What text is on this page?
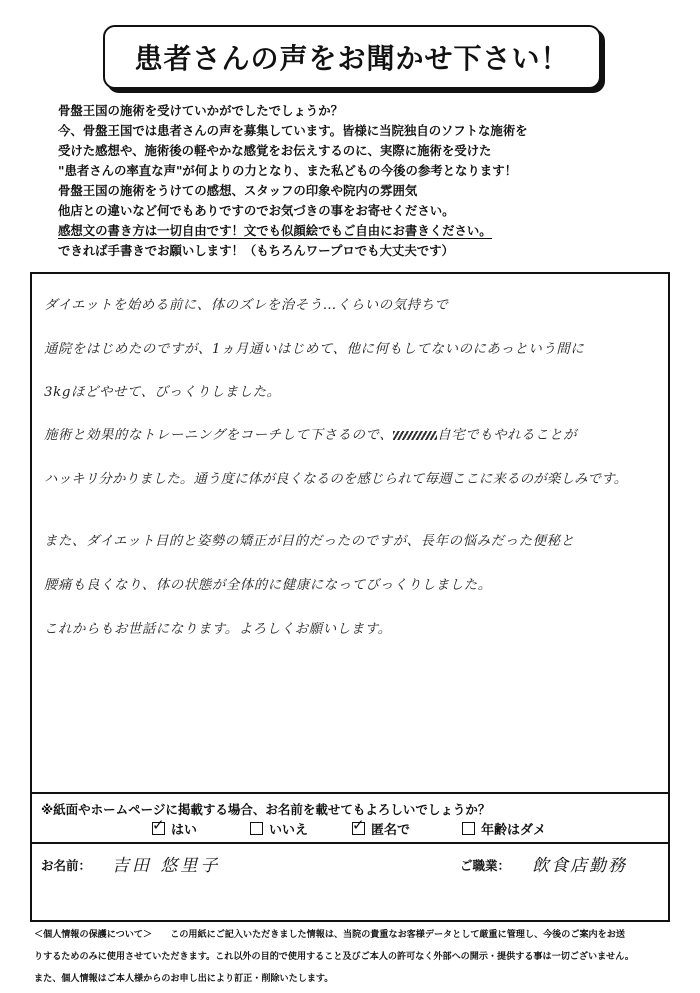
患者さんの声をお聞かせ下さい！
骨盤王国の施術を受けていかがでしたでしょうか？
今、骨盤王国では患者さんの声を募集しています。皆様に当院独自のソフトな施術を
受けた感想や、施術後の軽やかな感覚をお伝えするのに、実際に施術を受けた
"患者さんの率直な声"が何よりの力となり、また私どもの今後の参考となります！
骨盤王国の施術をうけての感想、スタッフの印象や院内の雰囲気
他店との違いなど何でもありですのでお気づきの事をお寄せください。
感想文の書き方は一切自由です！文でも似顔絵でもご自由にお書きください。
できれば手書きでお願いします！（もちろんワープロでも大丈夫です）
ダイエットを始める前に、体のズレを治そう…くらいの気持ちで
通院をはじめたのですが、1ヵ月通いはじめて、他に何もしてないのにあっという間に
3kgほどやせて、びっくりしました。
施術と効果的なトレーニングをコーチして下さるので、	自宅でもやれることが
ハッキリ分かりました。通う度に体が良くなるのを感じられて毎週ここに来るのが楽しみです。
また、ダイエット目的と姿勢の矯正が目的だったのですが、長年の悩みだった便秘と
腰痛も良くなり、体の状態が全体的に健康になってびっくりしました。
これからもお世話になります。よろしくお願いします。
※紙面やホームページに掲載する場合、お名前を載せてもよろしいでしょうか？
✓
はい	いいえ
✓	匿名で	年齢はダメ
お名前： 吉田 悠里子	ご職業： 飲食店勤務
＜個人情報の保護について＞　　この用紙にご記入いただきました情報は、当院の貴重なお客様データとして厳重に管理し、今後のご案内をお送
りするためのみに使用させていただきます。これ以外の目的で使用すること及びご本人の許可なく外部への開示・提供する事は一切ございません。
また、個人情報はご本人様からのお申し出により訂正・削除いたします。
